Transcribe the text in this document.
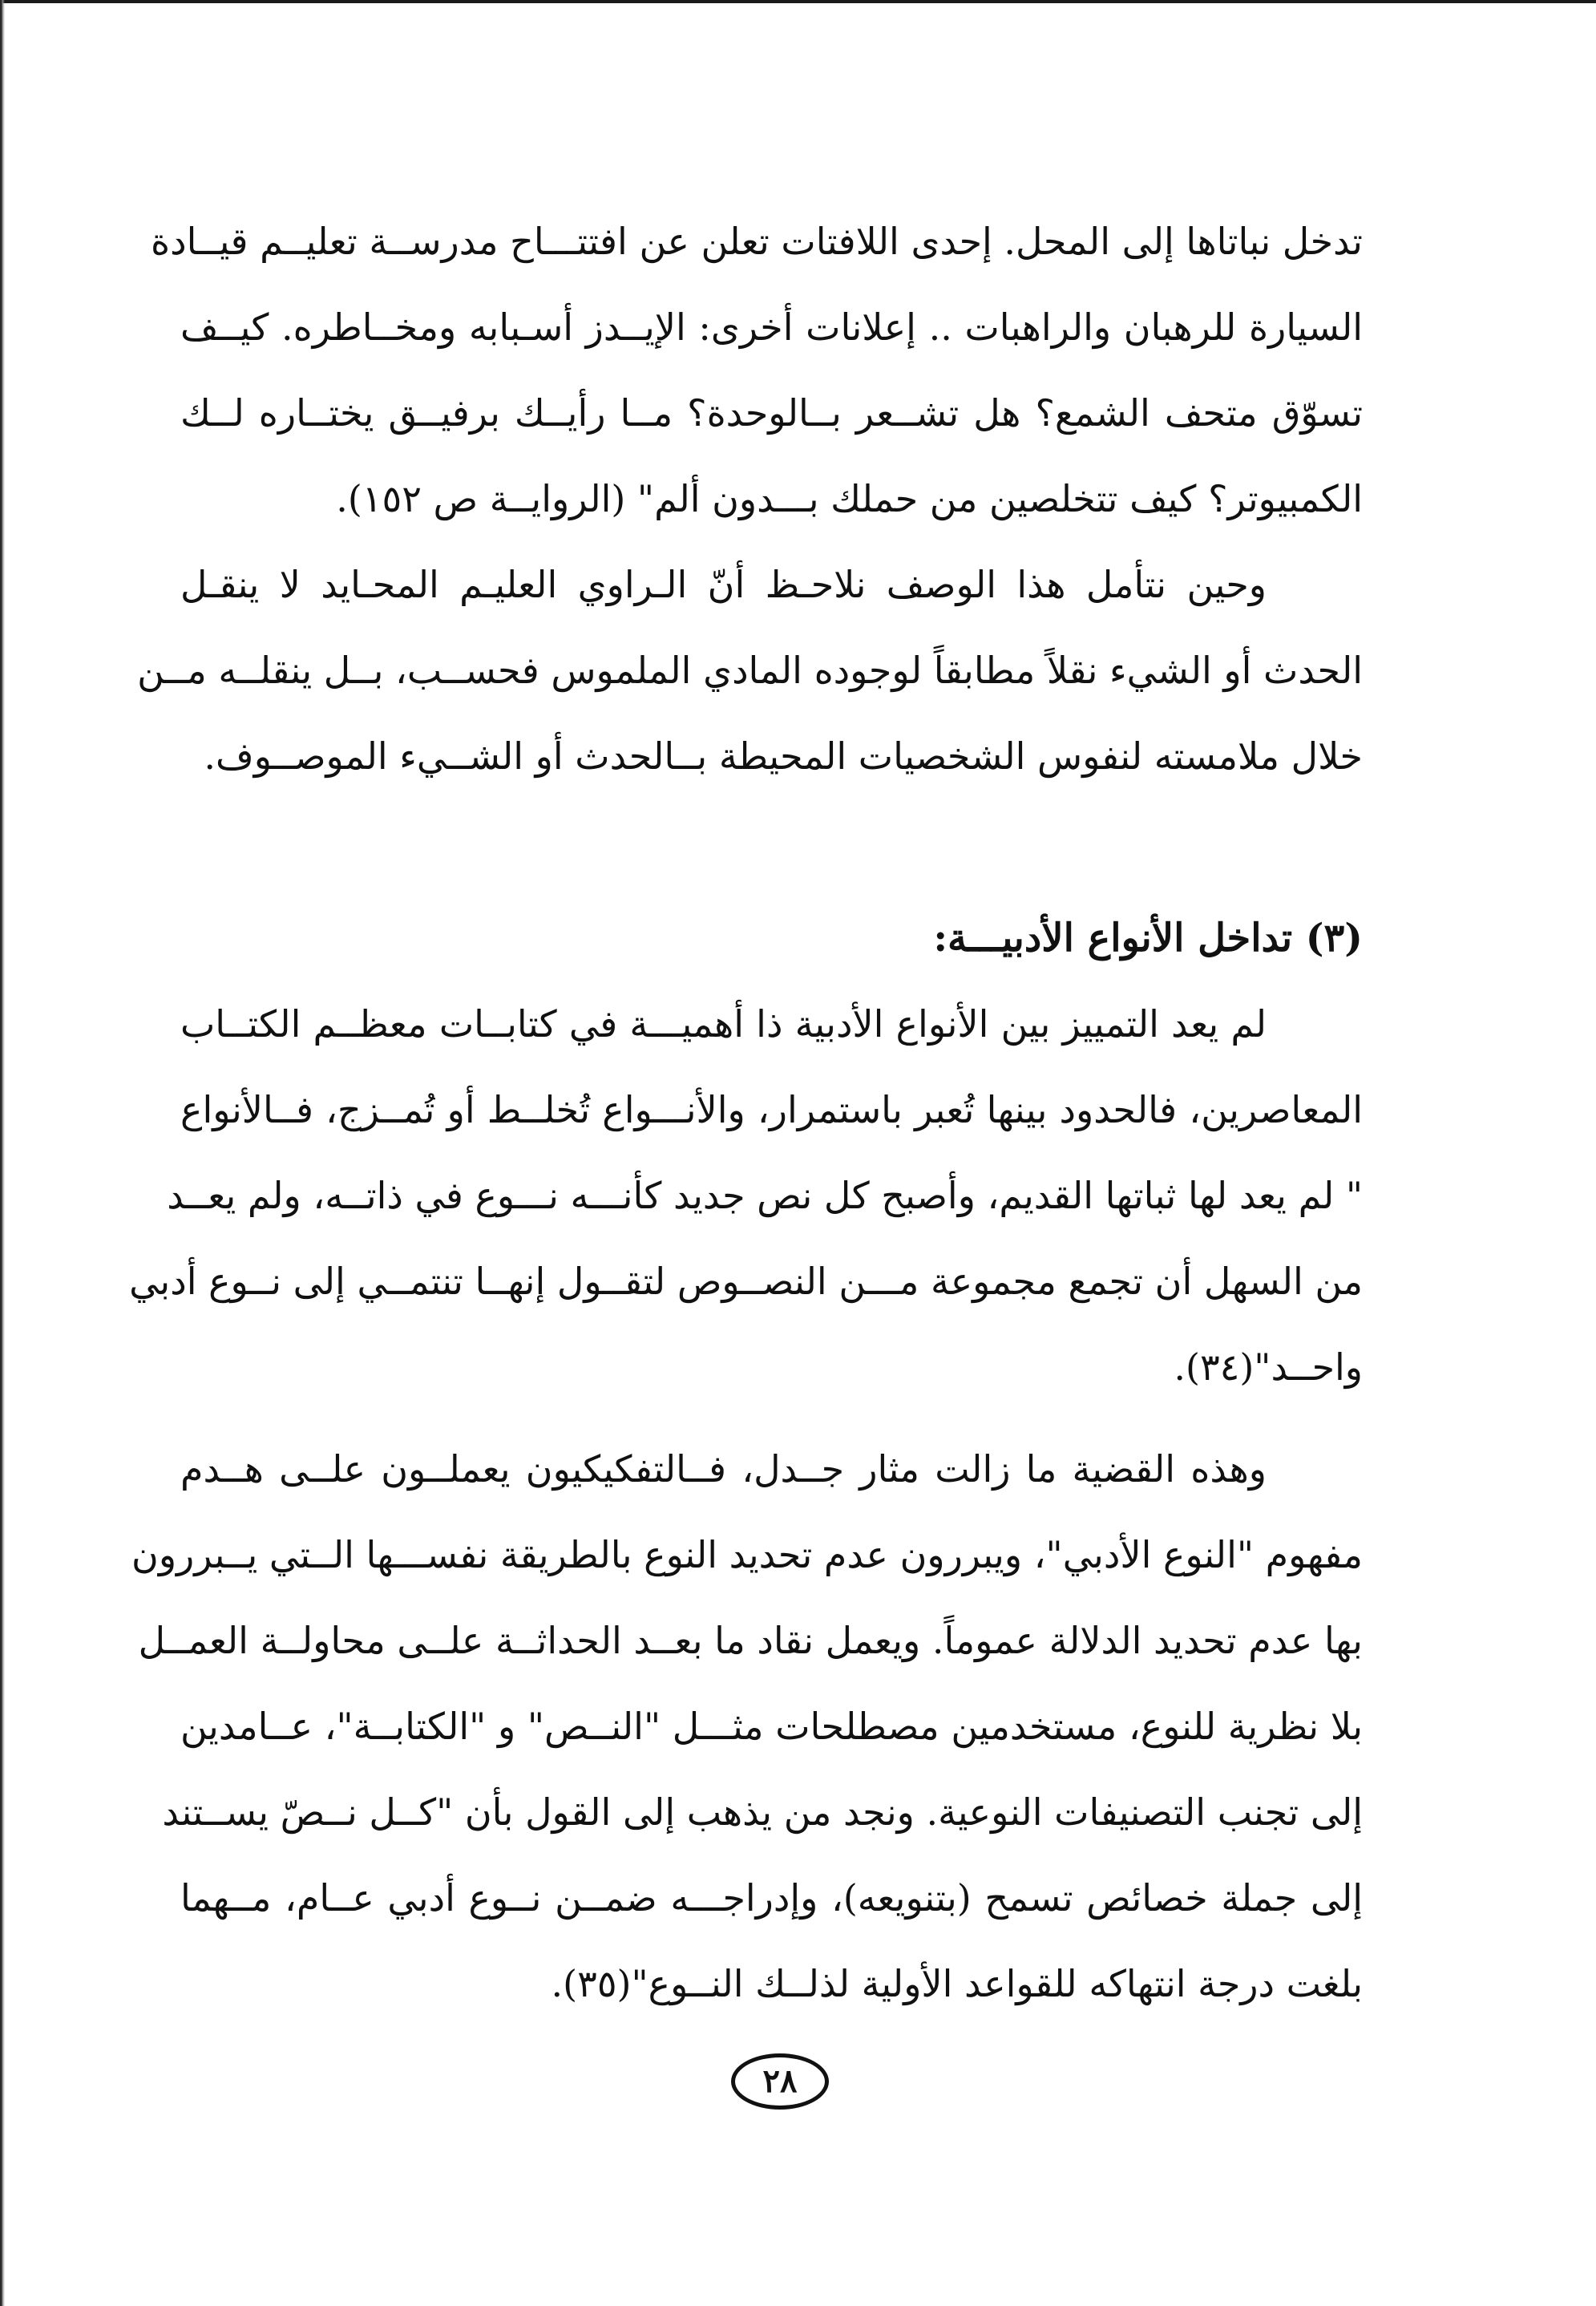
تدخل نباتاها إلى المحل. إحدى اللافتات تعلن عن افتتـــاح مدرســة تعليــم قيــادة
السيارة للرهبان والراهبات .. إعلانات أخرى: الإيــدز أسـبابه ومخــاطره. كيــف
تسوّق متحف الشمع؟ هل تشــعر بــالوحدة؟ مــا رأيــك برفيــق يختــاره لــك
الكمبيوتر؟ كيف تتخلصين من حملك بـــدون ألم" (الروايــة ص ١٥٢).
وحين نتأمل هذا الوصف نلاحـظ أنّ الـراوي العليـم المحـايد لا ينقـل
الحدث أو الشيء نقلاً مطابقاً لوجوده المادي الملموس فحســب، بــل ينقلــه مــن
خلال ملامسته لنفوس الشخصيات المحيطة بــالحدث أو الشــيء الموصــوف.
(٣) تداخل الأنواع الأدبيـــة:
لم يعد التمييز بين الأنواع الأدبية ذا أهميـــة في كتابــات معظــم الكتــاب
المعاصرين، فالحدود بينها تُعبر باستمرار، والأنـــواع تُخلــط أو تُمــزج، فــالأنواع
" لم يعد لها ثباتها القديم، وأصبح كل نص جديد كأنـــه نـــوع في ذاتــه، ولم يعــد
من السهل أن تجمع مجموعة مـــن النصــوص لتقــول إنهــا تنتمــي إلى نــوع أدبي
واحــد"(٣٤).
وهذه القضية ما زالت مثار جــدل، فــالتفكيكيون يعملــون علــى هــدم
مفهوم "النوع الأدبي"، ويبررون عدم تحديد النوع بالطريقة نفســـها الــتي يــبررون
بها عدم تحديد الدلالة عموماً. ويعمل نقاد ما بعــد الحداثــة علــى محاولــة العمــل
بلا نظرية للنوع، مستخدمين مصطلحات مثـــل "النــص" و "الكتابــة"، عــامدين
إلى تجنب التصنيفات النوعية. ونجد من يذهب إلى القول بأن "كــل نــصّ يســتند
إلى جملة خصائص تسمح (بتنويعه)، وإدراجـــه ضمــن نــوع أدبي عــام، مــهما
بلغت درجة انتهاكه للقواعد الأولية لذلــك النــوع"(٣٥).
٢٨
